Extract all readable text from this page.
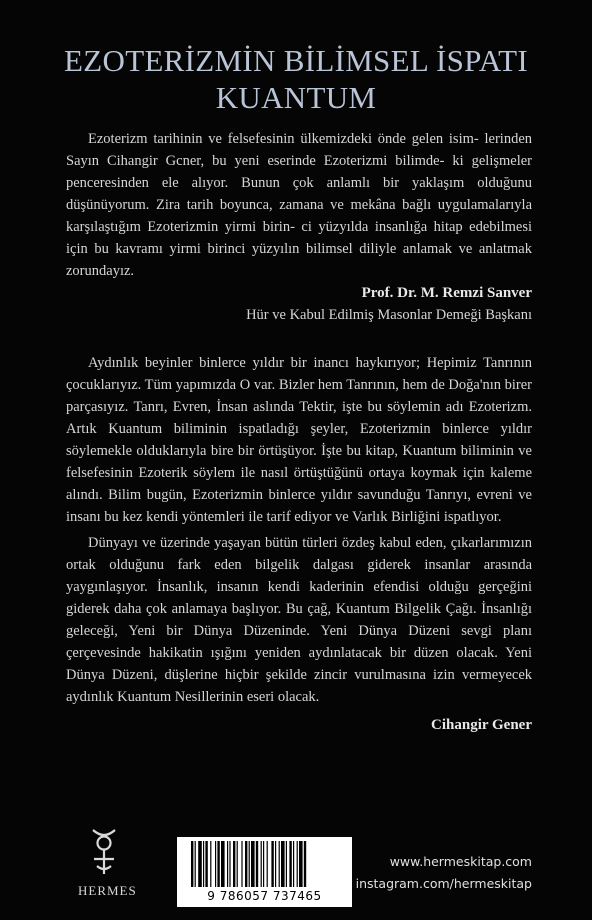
EZOTERİZMİN BİLİMSEL İSPATI
KUANTUM

Ezoterizm tarihinin ve felsefesinin ülkemizdeki önde gelen isim- lerinden Sayın Cihangir Gcner, bu yeni eserinde Ezoterizmi bilimde- ki gelişmeler penceresinden ele alıyor. Bunun çok anlamlı bir yaklaşım olduğunu düşünüyorum. Zira tarih boyunca, zamana ve mekâna bağlı uygulamalarıyla karşılaştığım Ezoterizmin yirmi birin- ci yüzyılda insanlığa hitap edebilmesi için bu kavramı yirmi birinci yüzyılın bilimsel diliyle anlamak ve anlatmak zorundayız.

Prof. Dr. M. Remzi Sanver
Hür ve Kabul Edilmiş Masonlar Demeği Başkanı

Aydınlık beyinler binlerce yıldır bir inancı haykırıyor; Hepimiz Tanrının çocuklarıyız. Tüm yapımızda O var. Bizler hem Tanrının, hem de Doğa'nın birer parçasıyız. Tanrı, Evren, İnsan aslında Tektir, işte bu söylemin adı Ezoterizm. Artık Kuantum biliminin ispatladığı şeyler, Ezoterizmin binlerce yıldır söylemekle olduklarıyla bire bir örtüşüyor. İşte bu kitap, Kuantum biliminin ve felsefesinin Ezoterik söylem ile nasıl örtüştüğünü ortaya koymak için kaleme alındı. Bilim bugün, Ezoterizmin binlerce yıldır savunduğu Tanrıyı, evreni ve insanı bu kez kendi yöntemleri ile tarif ediyor ve Varlık Birliğini ispatlıyor.

Dünyayı ve üzerinde yaşayan bütün türleri özdeş kabul eden, çıkarlarımızın ortak olduğunu fark eden bilgelik dalgası giderek insanlar arasında yaygınlaşıyor. İnsanlık, insanın kendi kaderinin efendisi olduğu gerçeğini giderek daha çok anlamaya başlıyor. Bu çağ, Kuantum Bilgelik Çağı. İnsanlığı geleceği, Yeni bir Dünya Düzeninde. Yeni Dünya Düzeni sevgi planı çerçevesinde hakikatin ışığını yeniden aydınlatacak bir düzen olacak. Yeni Dünya Düzeni, düşlerine hiçbir şekilde zincir vurulmasına izin vermeyecek aydınlık Kuantum Nesillerinin eseri olacak.

Cihangir Gener
HERMES	9 786057 737465
www.hermeskitap.com
instagram.com/hermeskitap
